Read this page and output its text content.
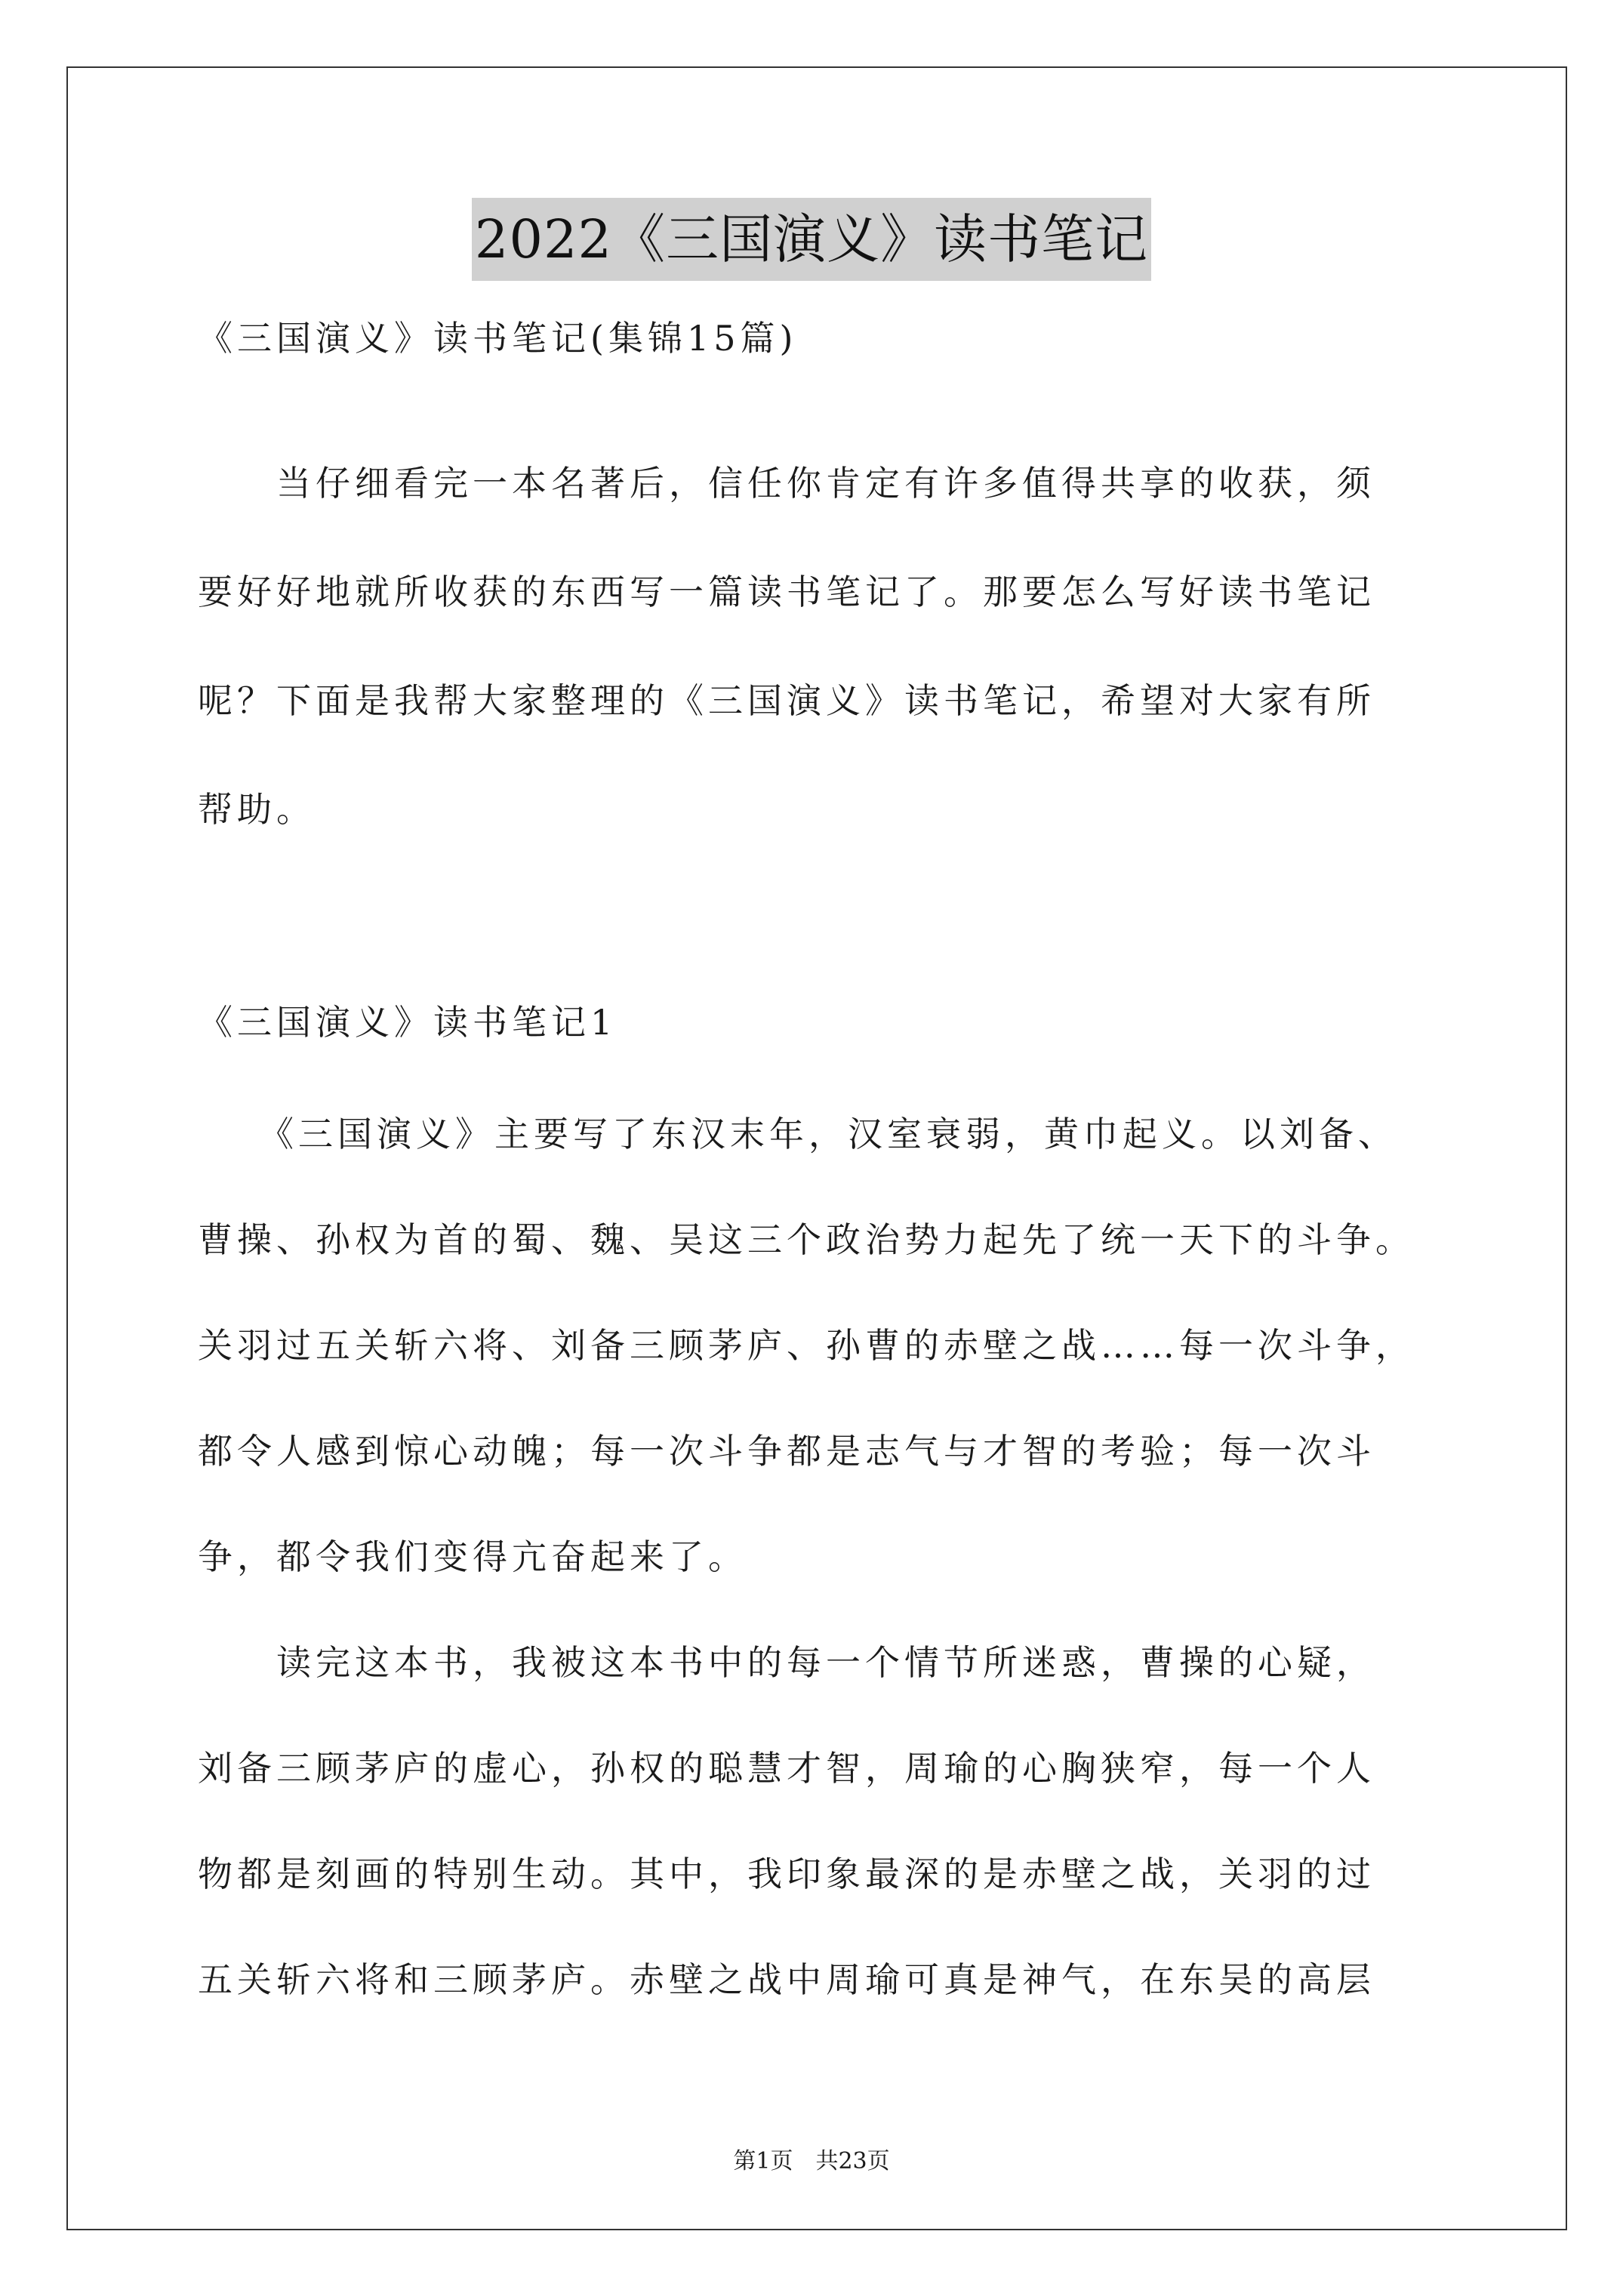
2022《三国演义》读书笔记
《三国演义》读书笔记(集锦15篇)
　　当仔细看完一本名著后，信任你肯定有许多值得共享的收获，须
要好好地就所收获的东西写一篇读书笔记了。那要怎么写好读书笔记
呢？下面是我帮大家整理的《三国演义》读书笔记，希望对大家有所
帮助。
《三国演义》读书笔记1
　　《三国演义》主要写了东汉末年，汉室衰弱，黄巾起义。以刘备、
曹操、孙权为首的蜀、魏、吴这三个政治势力起先了统一天下的斗争。
关羽过五关斩六将、刘备三顾茅庐、孙曹的赤壁之战……每一次斗争，
都令人感到惊心动魄；每一次斗争都是志气与才智的考验；每一次斗
争，都令我们变得亢奋起来了。
　　读完这本书，我被这本书中的每一个情节所迷惑，曹操的心疑，
刘备三顾茅庐的虚心，孙权的聪慧才智，周瑜的心胸狭窄，每一个人
物都是刻画的特别生动。其中，我印象最深的是赤壁之战，关羽的过
五关斩六将和三顾茅庐。赤壁之战中周瑜可真是神气，在东吴的高层
第1页　共23页
